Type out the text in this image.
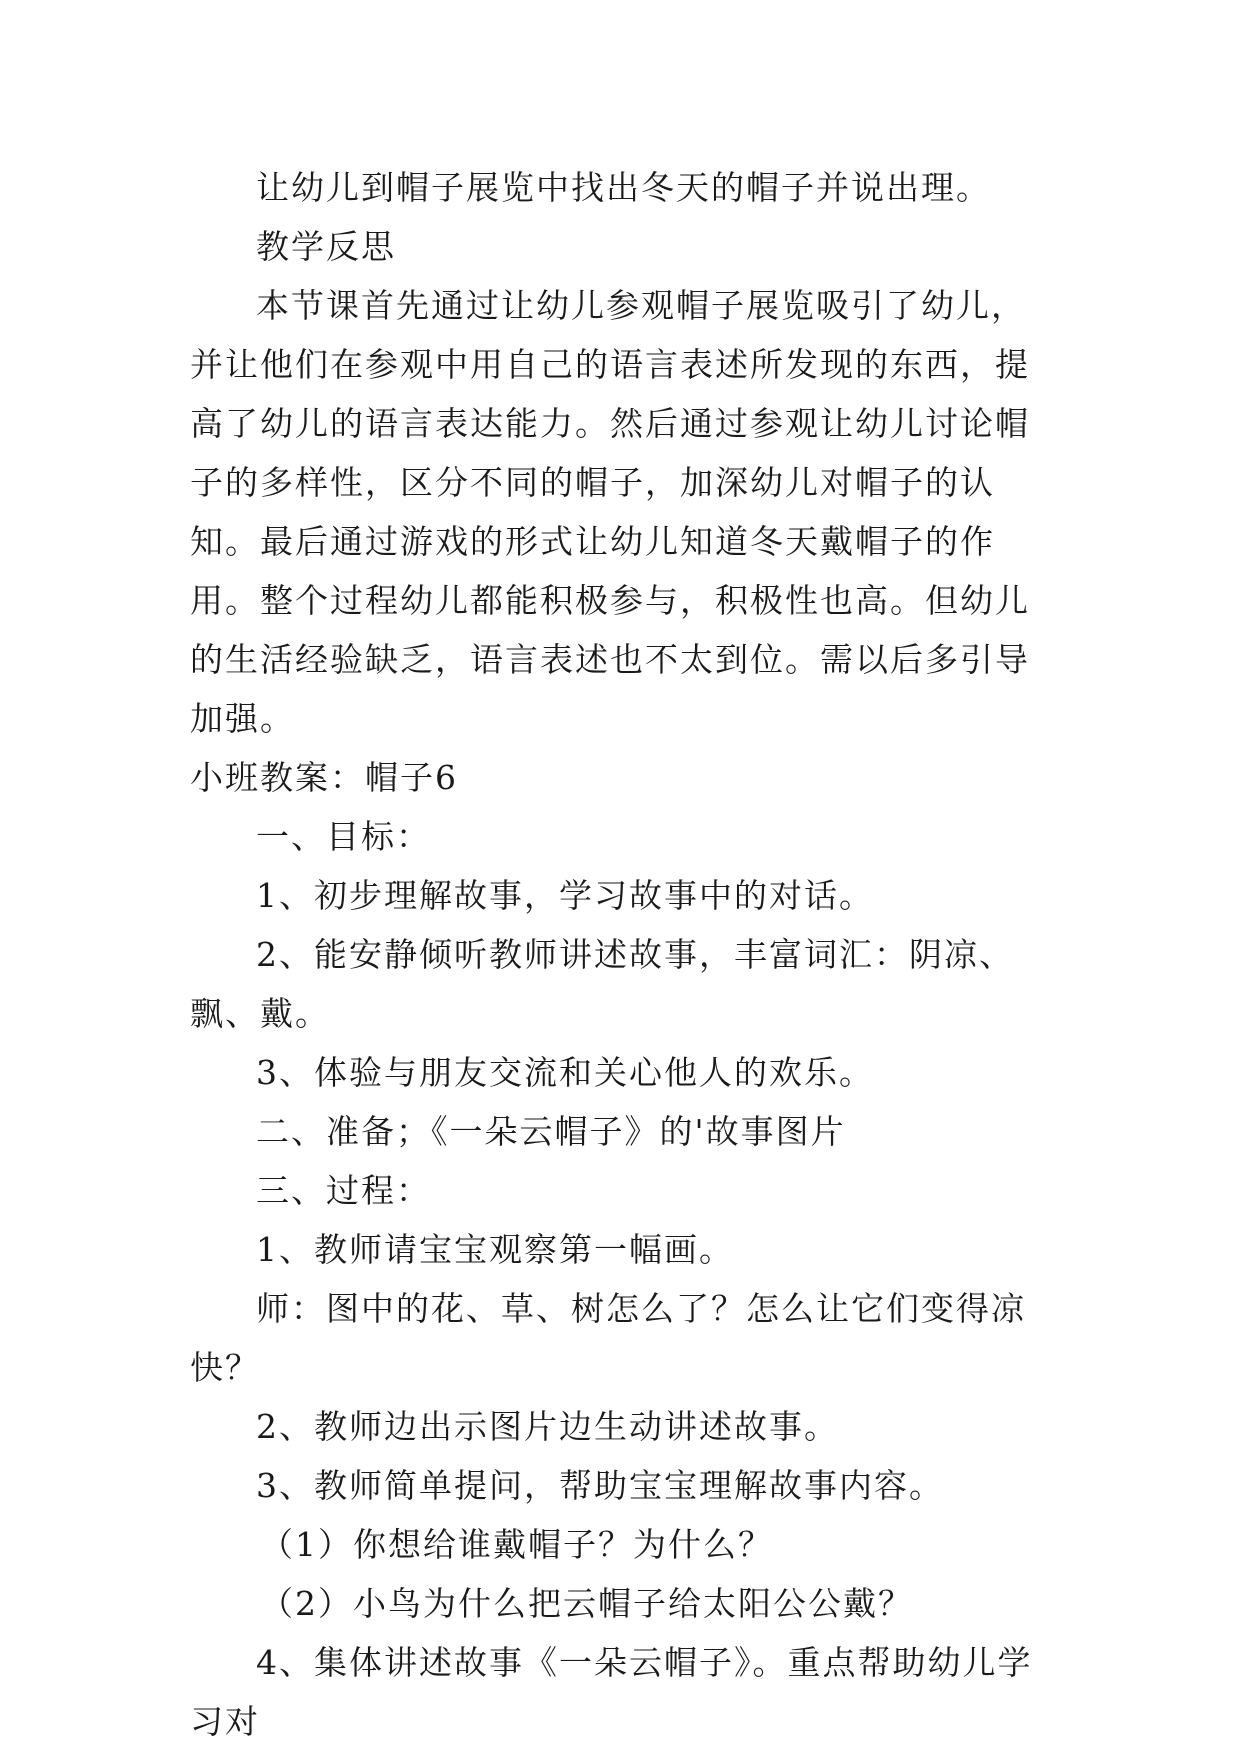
让幼儿到帽子展览中找出冬天的帽子并说出理。

教学反思

本节课首先通过让幼儿参观帽子展览吸引了幼儿，并让他们在参观中用自己的语言表述所发现的东西，提高了幼儿的语言表达能力。然后通过参观让幼儿讨论帽子的多样性，区分不同的帽子，加深幼儿对帽子的认知。最后通过游戏的形式让幼儿知道冬天戴帽子的作用。整个过程幼儿都能积极参与，积极性也高。但幼儿的生活经验缺乏，语言表述也不太到位。需以后多引导加强。

小班教案：帽子6

一、目标：

1、初步理解故事，学习故事中的对话。

2、能安静倾听教师讲述故事，丰富词汇：阴凉、飘、戴。

3、体验与朋友交流和关心他人的欢乐。

二、准备；《一朵云帽子》的'故事图片

三、过程：

1、教师请宝宝观察第一幅画。

师：图中的花、草、树怎么了？怎么让它们变得凉快？

2、教师边出示图片边生动讲述故事。

3、教师简单提问，帮助宝宝理解故事内容。

（1）你想给谁戴帽子？为什么？

（2）小鸟为什么把云帽子给太阳公公戴？

4、集体讲述故事《一朵云帽子》。重点帮助幼儿学习对
